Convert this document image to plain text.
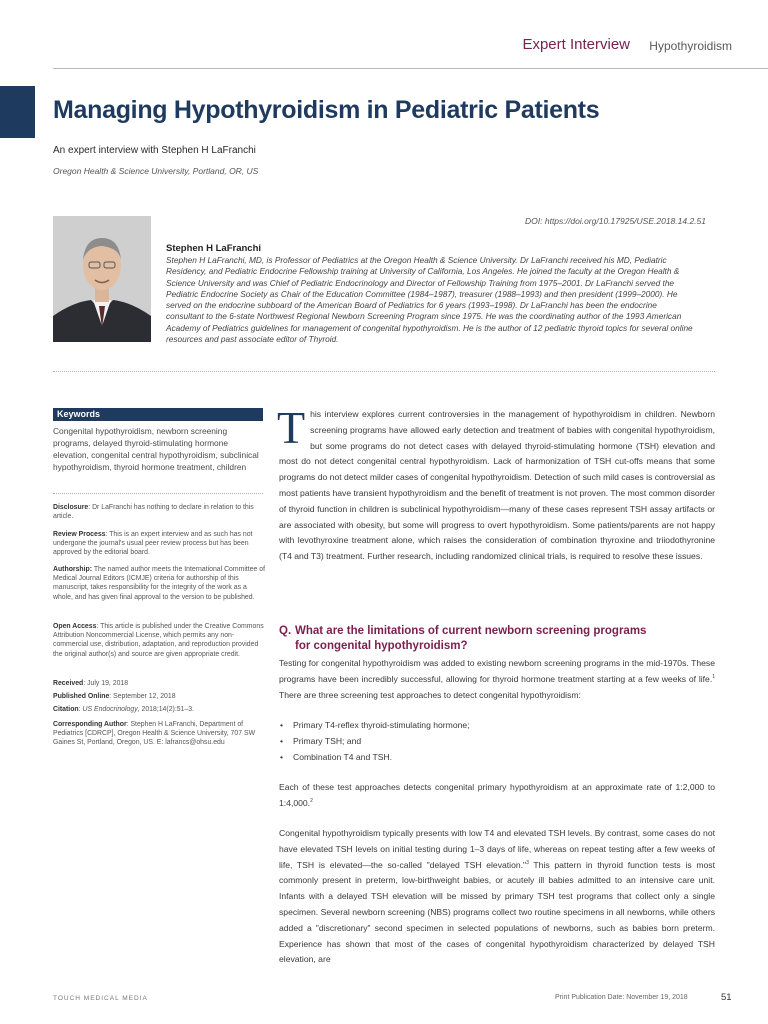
Expert Interview Hypothyroidism
Managing Hypothyroidism in Pediatric Patients
An expert interview with Stephen H LaFranchi
Oregon Health & Science University, Portland, OR, US
DOI: https://doi.org/10.17925/USE.2018.14.2.51
Stephen H LaFranchi
Stephen H LaFranchi, MD, is Professor of Pediatrics at the Oregon Health & Science University. Dr LaFranchi received his MD, Pediatric Residency, and Pediatric Endocrine Fellowship training at University of California, Los Angeles. He joined the faculty at the Oregon Health & Science University and was Chief of Pediatric Endocrinology and Director of Fellowship Training from 1975–2001. Dr LaFranchi served the Pediatric Endocrine Society as Chair of the Education Committee (1984–1987), treasurer (1988–1993) and then president (1999–2000). He served on the endocrine subboard of the American Board of Pediatrics for 6 years (1993–1998). Dr LaFranchi has been the endocrine consultant to the 6-state Northwest Regional Newborn Screening Program since 1975. He was the coordinating author of the 1993 American Academy of Pediatrics guidelines for management of congenital hypothyroidism. He is the author of 12 pediatric thyroid topics for several online resources and past associate editor of Thyroid.
Keywords
Congenital hypothyroidism, newborn screening programs, delayed thyroid-stimulating hormone elevation, congenital central hypothyroidism, subclinical hypothyroidism, thyroid hormone treatment, children
Disclosure: Dr LaFranchi has nothing to declare in relation to this article.
Review Process: This is an expert interview and as such has not undergone the journal's usual peer review process but has been approved by the editorial board.
Authorship: The named author meets the International Committee of Medical Journal Editors (ICMJE) criteria for authorship of this manuscript, takes responsibility for the integrity of the work as a whole, and has given final approval to the version to be published.
Open Access: This article is published under the Creative Commons Attribution Noncommercial License, which permits any non-commercial use, distribution, adaptation, and reproduction provided the original author(s) and source are given appropriate credit.
Received: July 19, 2018
Published Online: September 12, 2018
Citation: US Endocrinology, 2018;14(2):51–3.
Corresponding Author: Stephen H LaFranchi, Department of Pediatrics [CDRCP], Oregon Health & Science University, 707 SW Gaines St, Portland, Oregon, US. E: lafrancs@ohsu.edu

This interview explores current controversies in the management of hypothyroidism in children. Newborn screening programs have allowed early detection and treatment of babies with congenital hypothyroidism, but some programs do not detect cases with delayed thyroid-stimulating hormone (TSH) elevation and most do not detect congenital central hypothyroidism. Lack of harmonization of TSH cut-offs means that some programs do not detect milder cases of congenital hypothyroidism. Detection of such mild cases is controversial as most patients have transient hypothyroidism and the benefit of treatment is not proven. The most common disorder of thyroid function in children is subclinical hypothyroidism—many of these cases represent TSH assay artifacts or are associated with obesity, but some will progress to overt hypothyroidism. Some patients/parents are not happy with levothyroxine treatment alone, which raises the consideration of combination thyroxine and triiodothyronine (T4 and T3) treatment. Further research, including randomized clinical trials, is required to resolve these issues.

Q. What are the limitations of current newborn screening programs
for congenital hypothyroidism?

Testing for congenital hypothyroidism was added to existing newborn screening programs in the mid-1970s. These programs have been incredibly successful, allowing for thyroid hormone treatment starting at a few weeks of life.$^1$ There are three screening test approaches to detect congenital hypothyroidism:

• Primary T4-reflex thyroid-stimulating hormone;
• Primary TSH; and
• Combination T4 and TSH.

Each of these test approaches detects congenital primary hypothyroidism at an approximate rate of 1:2,000 to 1:4,000.$^2$

Congenital hypothyroidism typically presents with low T4 and elevated TSH levels. By contrast, some cases do not have elevated TSH levels on initial testing during 1–3 days of life, whereas on repeat testing after a few weeks of life, TSH is elevated—the so-called "delayed TSH elevation."$^3$ This pattern in thyroid function tests is most commonly present in preterm, low-birthweight babies, or acutely ill babies admitted to an intensive care unit. Infants with a delayed TSH elevation will be missed by primary TSH test programs that collect only a single specimen. Several newborn screening (NBS) programs collect two routine specimens in all newborns, while others added a "discretionary" second specimen in selected populations of newborns, such as babies born preterm. Experience has shown that most of the cases of congenital hypothyroidism characterized by delayed TSH elevation, are

TOUCH MEDICAL MEDIA	Print Publication Date: November 19, 2018	51
